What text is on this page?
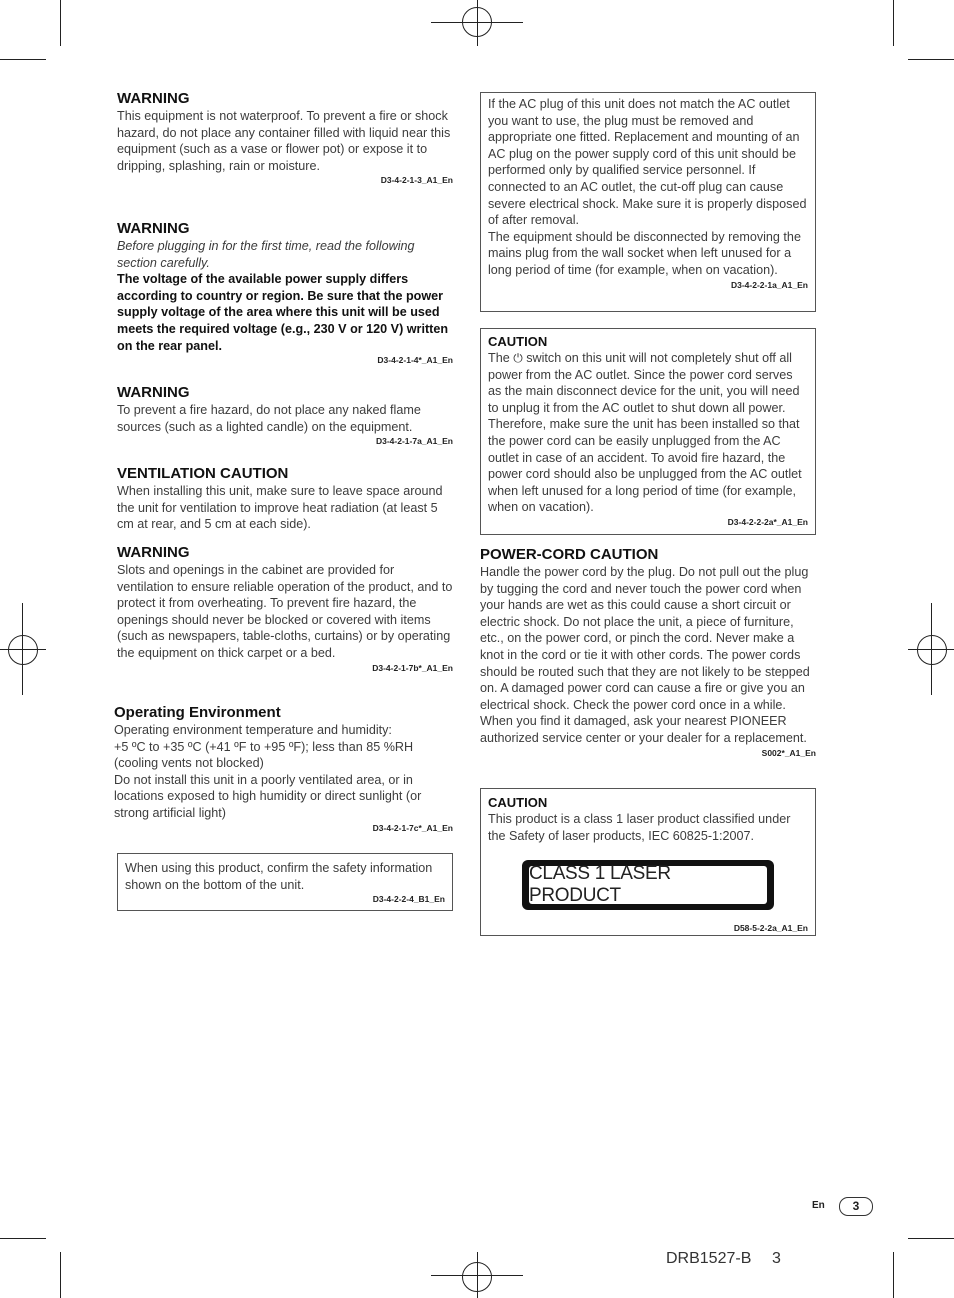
WARNING

This equipment is not waterproof. To prevent a fire or shock hazard, do not place any container filled with liquid near this equipment (such as a vase or flower pot) or expose it to dripping, splashing, rain or moisture.

D3-4-2-1-3_A1_En

WARNING

Before plugging in for the first time, read the following section carefully.

The voltage of the available power supply differs according to country or region. Be sure that the power supply voltage of the area where this unit will be used meets the required voltage (e.g., 230 V or 120 V) written on the rear panel.

D3-4-2-1-4*_A1_En

WARNING

To prevent a fire hazard, do not place any naked flame sources (such as a lighted candle) on the equipment.

D3-4-2-1-7a_A1_En

VENTILATION CAUTION

When installing this unit, make sure to leave space around the unit for ventilation to improve heat radiation (at least 5 cm at rear, and 5 cm at each side).

WARNING

Slots and openings in the cabinet are provided for ventilation to ensure reliable operation of the product, and to protect it from overheating. To prevent fire hazard, the openings should never be blocked or covered with items (such as newspapers, table-cloths, curtains) or by operating the equipment on thick carpet or a bed.

D3-4-2-1-7b*_A1_En

Operating Environment

Operating environment temperature and humidity:

+5 ºC to +35 ºC (+41 ºF to +95 ºF); less than 85 %RH (cooling vents not blocked)

Do not install this unit in a poorly ventilated area, or in locations exposed to high humidity or direct sunlight (or strong artificial light)

D3-4-2-1-7c*_A1_En

When using this product, confirm the safety information shown on the bottom of the unit.

D3-4-2-2-4_B1_En

If the AC plug of this unit does not match the AC outlet you want to use, the plug must be removed and appropriate one fitted. Replacement and mounting of an AC plug on the power supply cord of this unit should be performed only by qualified service personnel. If connected to an AC outlet, the cut-off plug can cause severe electrical shock. Make sure it is properly disposed of after removal.

The equipment should be disconnected by removing the mains plug from the wall socket when left unused for a long period of time (for example, when on vacation).

D3-4-2-2-1a_A1_En

CAUTION

The ⏻ switch on this unit will not completely shut off all power from the AC outlet. Since the power cord serves as the main disconnect device for the unit, you will need to unplug it from the AC outlet to shut down all power. Therefore, make sure the unit has been installed so that the power cord can be easily unplugged from the AC outlet in case of an accident. To avoid fire hazard, the power cord should also be unplugged from the AC outlet when left unused for a long period of time (for example, when on vacation).

D3-4-2-2-2a*_A1_En

POWER-CORD CAUTION

Handle the power cord by the plug. Do not pull out the plug by tugging the cord and never touch the power cord when your hands are wet as this could cause a short circuit or electric shock. Do not place the unit, a piece of furniture, etc., on the power cord, or pinch the cord. Never make a knot in the cord or tie it with other cords. The power cords should be routed such that they are not likely to be stepped on. A damaged power cord can cause a fire or give you an electrical shock. Check the power cord once in a while. When you find it damaged, ask your nearest PIONEER authorized service center or your dealer for a replacement.

S002*_A1_En

CAUTION

This product is a class 1 laser product classified under the Safety of laser products, IEC 60825-1:2007.

CLASS 1 LASER PRODUCT

D58-5-2-2a_A1_En

En	3
DRB1527-B 3
